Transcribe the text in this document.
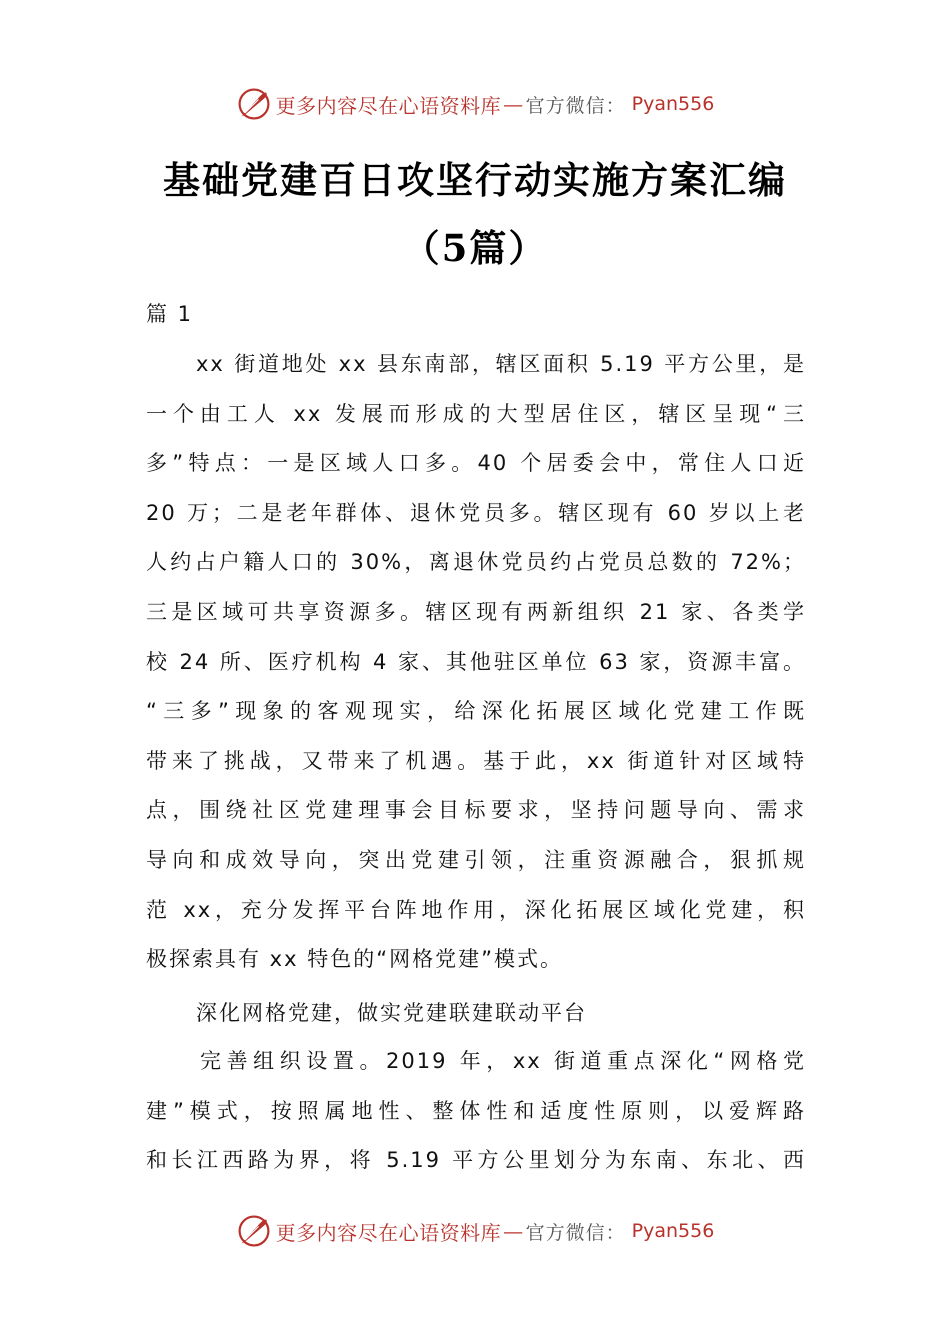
更多内容尽在心语资料库 — 官方微信： Pyan556
基础党建百日攻坚行动实施方案汇编
（5篇）
篇 1
xx 街道地处 xx 县东南部，辖区面积 5.19 平方公里，是
一个由工人 xx 发展而形成的大型居住区，辖区呈现“三
多”特点：一是区域人口多。40 个居委会中，常住人口近
20 万；二是老年群体、退休党员多。辖区现有 60 岁以上老
人约占户籍人口的 30%，离退休党员约占党员总数的 72%；
三是区域可共享资源多。辖区现有两新组织 21 家、各类学
校 24 所、医疗机构 4 家、其他驻区单位 63 家，资源丰富。
“三多”现象的客观现实，给深化拓展区域化党建工作既
带来了挑战，又带来了机遇。基于此，xx 街道针对区域特
点，围绕社区党建理事会目标要求，坚持问题导向、需求
导向和成效导向，突出党建引领，注重资源融合，狠抓规
范 xx，充分发挥平台阵地作用，深化拓展区域化党建，积
极探索具有 xx 特色的“网格党建”模式。
深化网格党建，做实党建联建联动平台
完善组织设置。2019 年，xx 街道重点深化“网格党
建”模式，按照属地性、整体性和适度性原则，以爱辉路
和长江西路为界，将 5.19 平方公里划分为东南、东北、西
更多内容尽在心语资料库 — 官方微信： Pyan556
